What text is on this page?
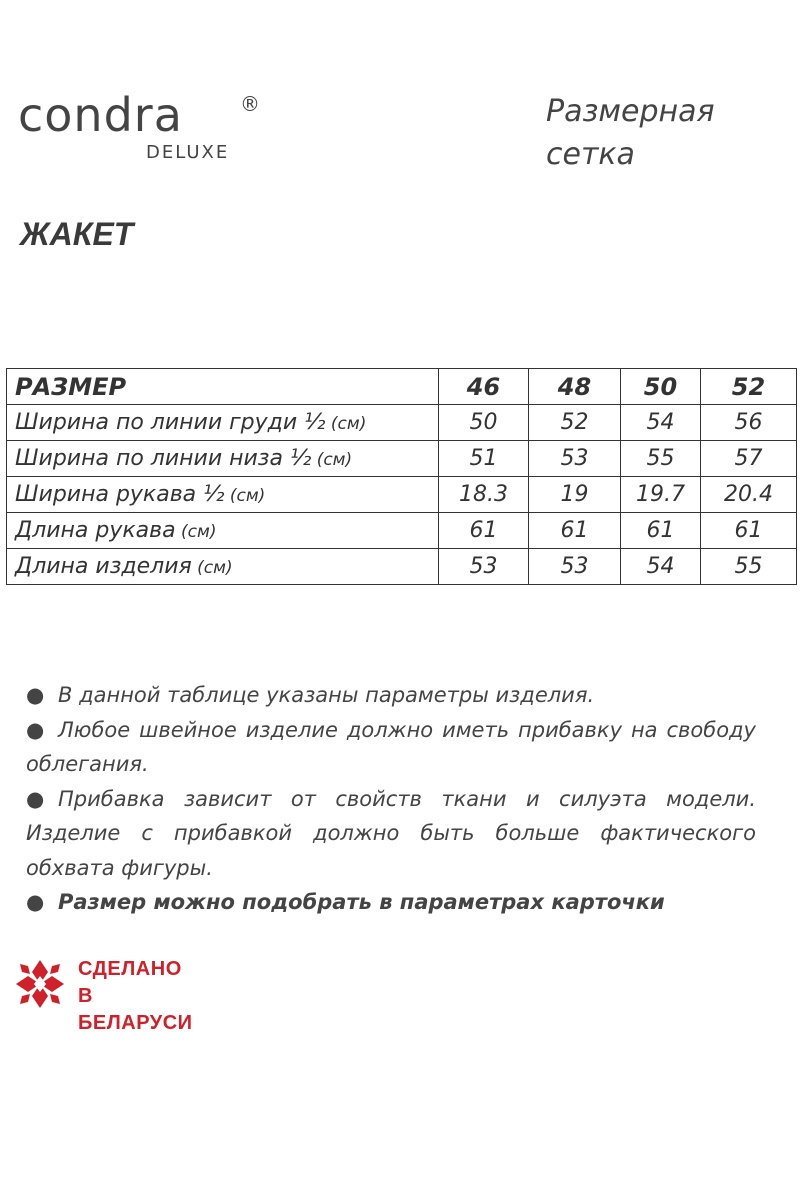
condra	®
DELUXE
Размерная
сетка
ЖАКЕТ
РАЗМЕР	46	48	50	52
Ширина по линии груди ½ (см)	50	52	54	56
Ширина по линии низа ½ (см)	51	53	55	57
Ширина рукава ½ (см)	18.3	19	19.7	20.4
Длина рукава (см)	61	61	61	61
Длина изделия (см)	53	53	54	55

● В данной таблице указаны параметры изделия.

● Любое швейное изделие должно иметь прибавку на свободу облегания.

● Прибавка зависит от свойств ткани и силуэта модели. Изделие с прибавкой должно быть больше фактического обхвата фигуры.

● Размер можно подобрать в параметрах карточки

СДЕЛАНО
В БЕЛАРУСИ
